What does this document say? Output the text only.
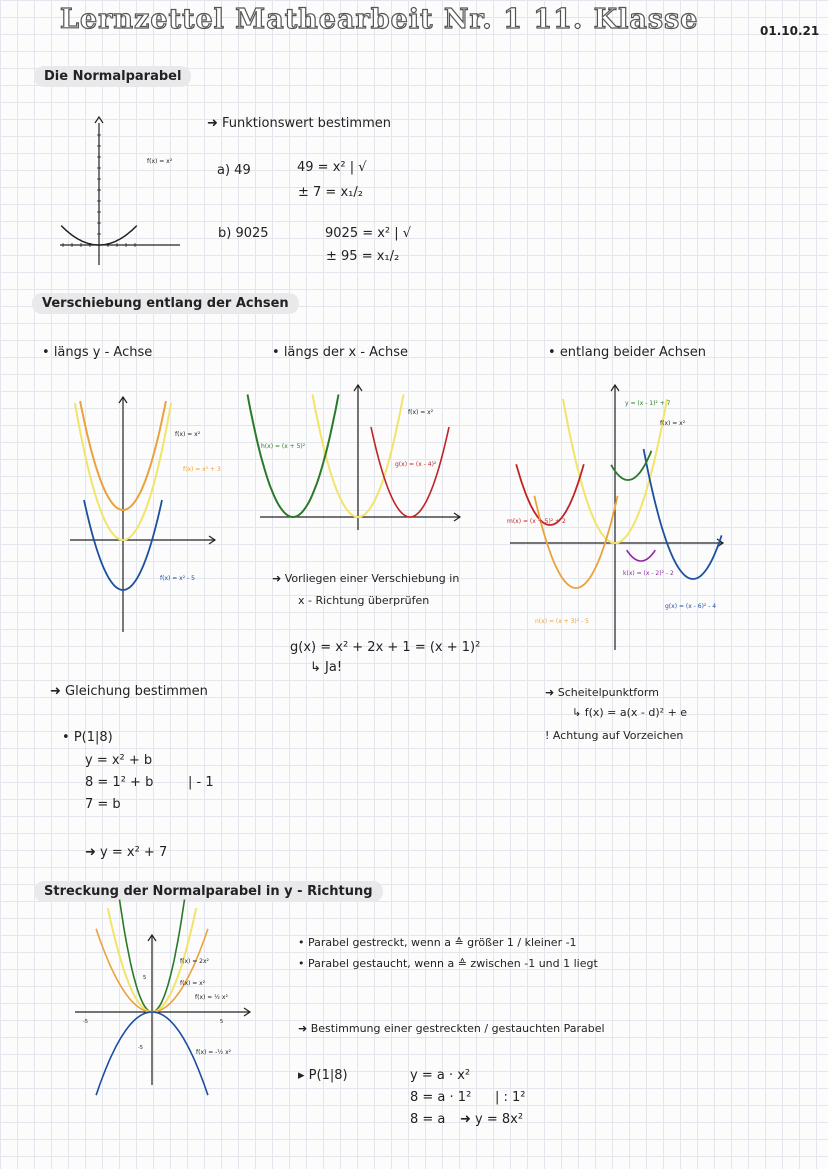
Lernzettel Mathearbeit Nr. 1 11. Klasse	01.10.21
Die Normalparabel
f(x) = x²
➜ Funktionswert bestimmen
a) 49	49 = x² | √
± 7 = x₁/₂
b) 9025	9025 = x² | √
± 95 = x₁/₂
Verschiebung entlang der Achsen
• längs y - Achse	• längs der x - Achse	• entlang beider Achsen
f(x) = x²
f(x) = x² + 3
f(x) = x² - 5
f(x) = x²
h(x) = (x + 5)²
g(x) = (x - 4)²
➜ Vorliegen einer Verschiebung in
x - Richtung überprüfen
g(x) = x² + 2x + 1 = (x + 1)²
↳ Ja!
y = (x - 1)² + 7
f(x) = x²
m(x) = (x + 5)² + 2
k(x) = (x - 2)² - 2
n(x) = (x + 3)² - 5
g(x) = (x - 6)² - 4
➜ Gleichung bestimmen
• P(1|8)
y = x² + b
8 = 1² + b	| - 1
7 = b
➜ y = x² + 7
➜ Scheitelpunktform
↳ f(x) = a(x - d)² + e
! Achtung auf Vorzeichen
Streckung der Normalparabel in y - Richtung
f(x) = 2x²
f(x) = x²
f(x) = ½ x²
f(x) = -½ x²
5
-5	5
-5
• Parabel gestreckt, wenn a ≙ größer 1 / kleiner -1
• Parabel gestaucht, wenn a ≙ zwischen -1 und 1 liegt
➜ Bestimmung einer gestreckten / gestauchten Parabel
▸ P(1|8)	y = a · x²
8 = a · 1² | : 1²
8 = a ➜ y = 8x²
